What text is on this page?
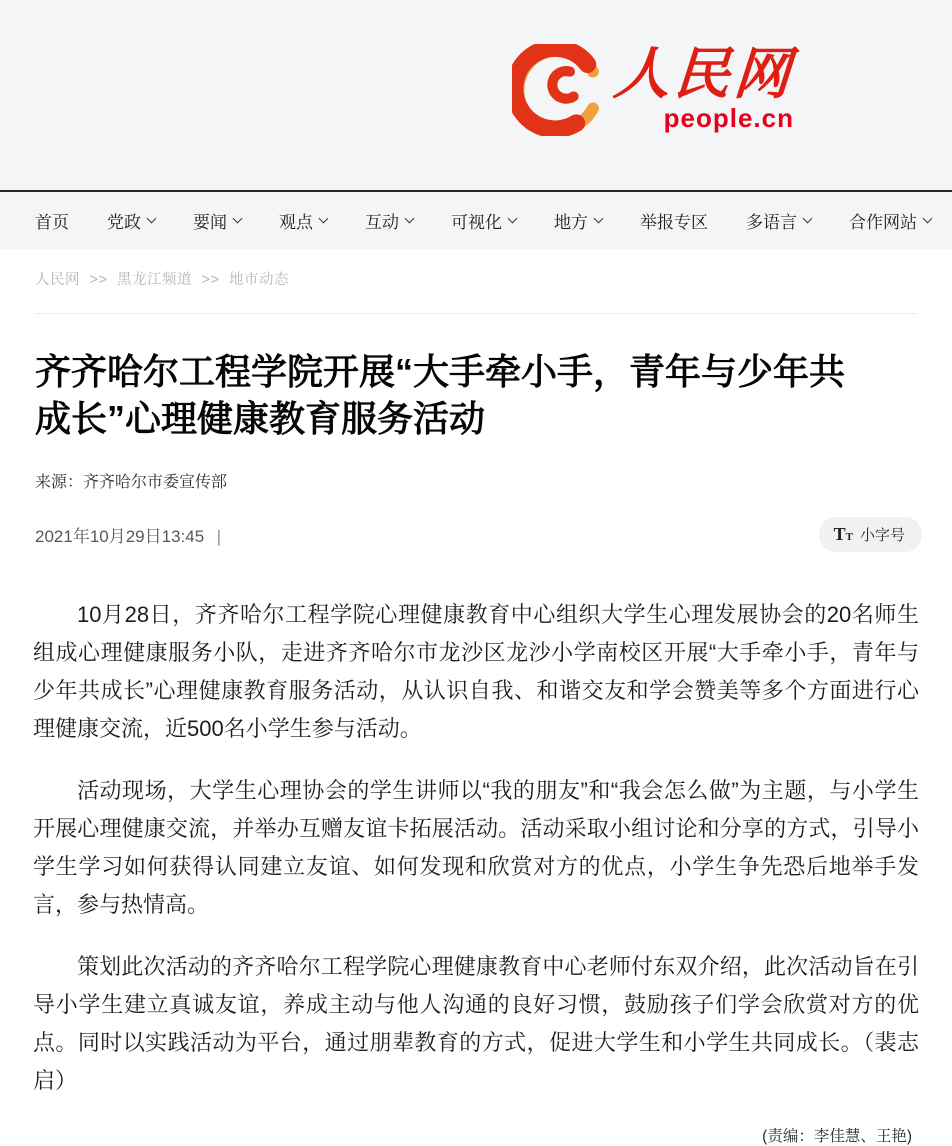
人民网
people.cn
首页 党政	要闻	观点	互动	可视化	地方	举报专区 多语言	合作网站
人民网 >> 黑龙江频道 >> 地市动态
齐齐哈尔工程学院开展“大手牵小手，青年与少年共成长”心理健康教育服务活动
来源：齐齐哈尔市委宣传部
2021年10月29日13:45 |	TT 小字号

10月28日，齐齐哈尔工程学院心理健康教育中心组织大学生心理发展协会的20名师生组成心理健康服务小队，走进齐齐哈尔市龙沙区龙沙小学南校区开展“大手牵小手，青年与少年共成长”心理健康教育服务活动，从认识自我、和谐交友和学会赞美等多个方面进行心理健康交流，近500名小学生参与活动。

活动现场，大学生心理协会的学生讲师以“我的朋友”和“我会怎么做”为主题，与小学生开展心理健康交流，并举办互赠友谊卡拓展活动。活动采取小组讨论和分享的方式，引导小学生学习如何获得认同建立友谊、如何发现和欣赏对方的优点，小学生争先恐后地举手发言，参与热情高。

策划此次活动的齐齐哈尔工程学院心理健康教育中心老师付东双介绍，此次活动旨在引导小学生建立真诚友谊，养成主动与他人沟通的良好习惯，鼓励孩子们学会欣赏对方的优点。同时以实践活动为平台，通过朋辈教育的方式，促进大学生和小学生共同成长。（裴志启）

(责编：李佳慧、王艳)
